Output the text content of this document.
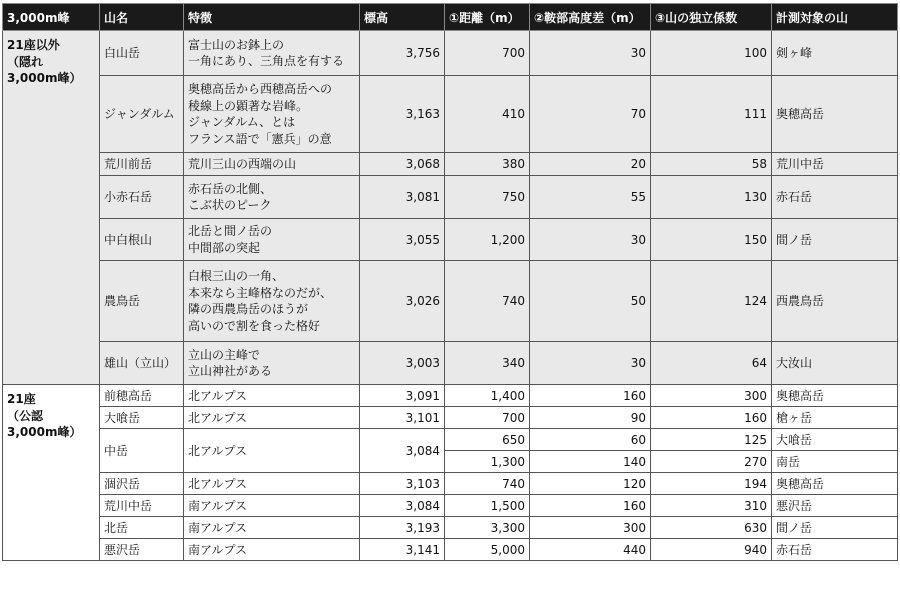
3,000m峰	山名	特徴	標高	①距離（m）	②鞍部高度差（m）	③山の独立係数	計測対象の山
21座以外
（隠れ
3,000m峰）	白山岳	富士山のお鉢上の
一角にあり、三角点を有する	3,756	700	30	100	剣ヶ峰
	ジャンダルム	奥穂高岳から西穂高岳への
稜線上の顕著な岩峰。
ジャンダルム、とは
フランス語で「憲兵」の意	3,163	410	70	111	奥穂高岳
	荒川前岳	荒川三山の西端の山	3,068	380	20	58	荒川中岳
	小赤石岳	赤石岳の北側、
こぶ状のピーク	3,081	750	55	130	赤石岳
	中白根山	北岳と間ノ岳の
中間部の突起	3,055	1,200	30	150	間ノ岳
	農鳥岳	白根三山の一角、
本来なら主峰格なのだが、
隣の西農鳥岳のほうが
高いので割を食った格好	3,026	740	50	124	西農鳥岳
	雄山（立山）	立山の主峰で
立山神社がある	3,003	340	30	64	大汝山
21座
（公認
3,000m峰）	前穂高岳	北アルプス	3,091	1,400	160	300	奥穂高岳
	大喰岳	北アルプス	3,101	700	90	160	槍ヶ岳
	中岳	北アルプス	3,084	650	60	125	大喰岳
				1,300	140	270	南岳
	涸沢岳	北アルプス	3,103	740	120	194	奥穂高岳
	荒川中岳	南アルプス	3,084	1,500	160	310	悪沢岳
	北岳	南アルプス	3,193	3,300	300	630	間ノ岳
	悪沢岳	南アルプス	3,141	5,000	440	940	赤石岳
